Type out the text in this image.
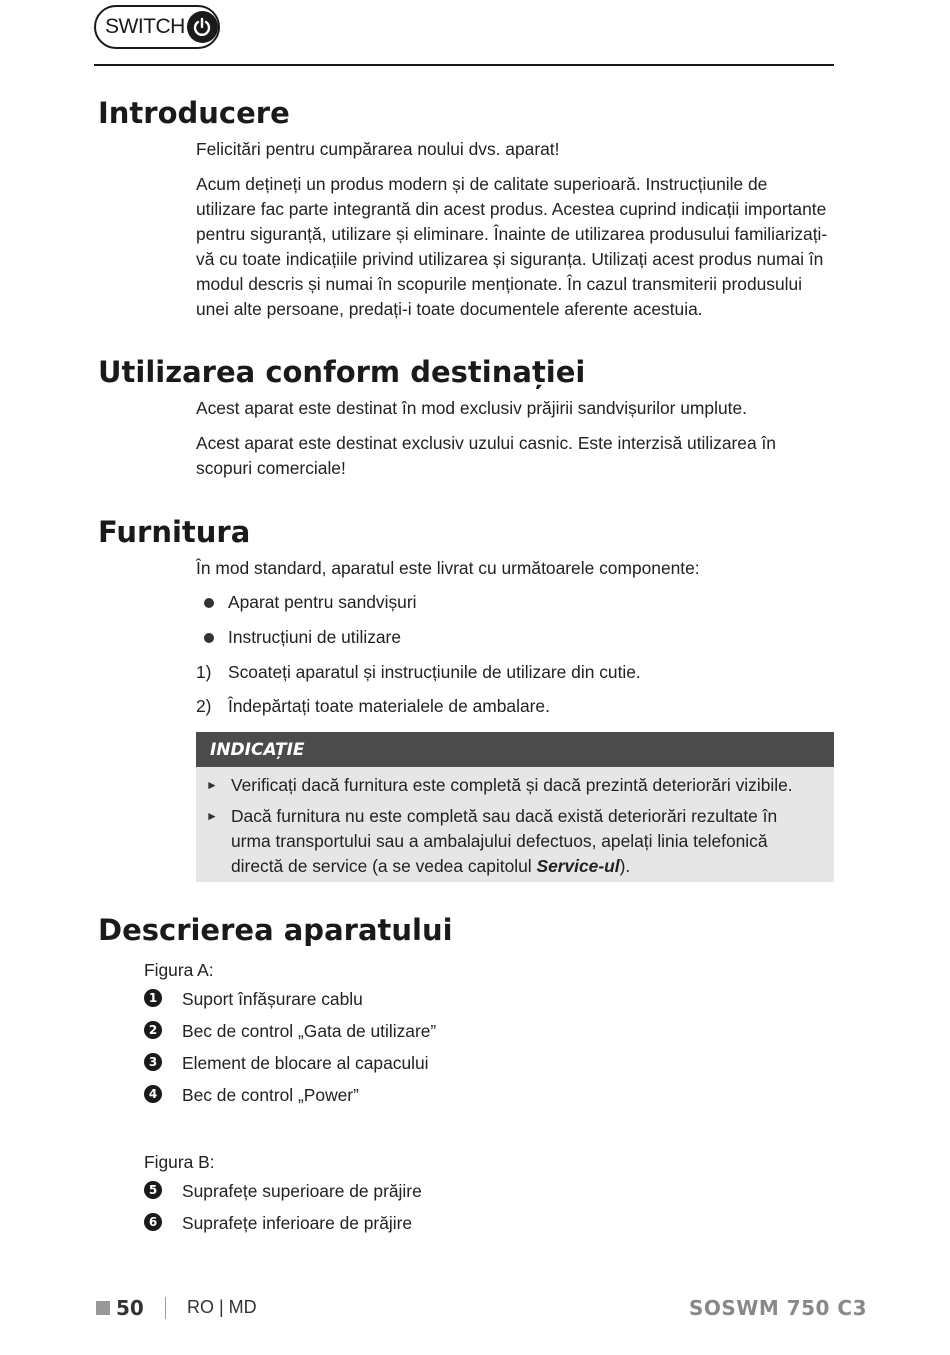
SWITCH
Introducere

Felicitări pentru cumpărarea noului dvs. aparat!

Acum dețineți un produs modern și de calitate superioară. Instrucțiunile de utilizare fac parte integrantă din acest produs. Acestea cuprind indicații importante pentru siguranță, utilizare și eliminare. Înainte de utilizarea produsului familiarizați-vă cu toate indicațiile privind utilizarea și siguranța. Utilizați acest produs numai în modul descris și numai în scopurile menționate. În cazul transmiterii produsului unei alte persoane, predați-i toate documentele aferente acestuia.

Utilizarea conform destinației

Acest aparat este destinat în mod exclusiv prăjirii sandvișurilor umplute.

Acest aparat este destinat exclusiv uzului casnic. Este interzisă utilizarea în scopuri comerciale!

Furnitura

În mod standard, aparatul este livrat cu următoarele componente:

Aparat pentru sandvișuri
Instrucțiuni de utilizare
1) Scoateți aparatul și instrucțiunile de utilizare din cutie.
2) Îndepărtați toate materialele de ambalare.
INDICAȚIE
► Verificați dacă furnitura este completă și dacă prezintă deteriorări vizibile.
► Dacă furnitura nu este completă sau dacă există deteriorări rezultate în urma transportului sau a ambalajului defectuos, apelați linia telefonică directă de service (a se vedea capitolul Service-ul).
Descrierea aparatului
Figura A:
1 Suport înfășurare cablu
2 Bec de control „Gata de utilizare”
3 Element de blocare al capacului
4 Bec de control „Power”
Figura B:
5 Suprafețe superioare de prăjire
6 Suprafețe inferioare de prăjire
50 RO | MD	SOSWM 750 C3
